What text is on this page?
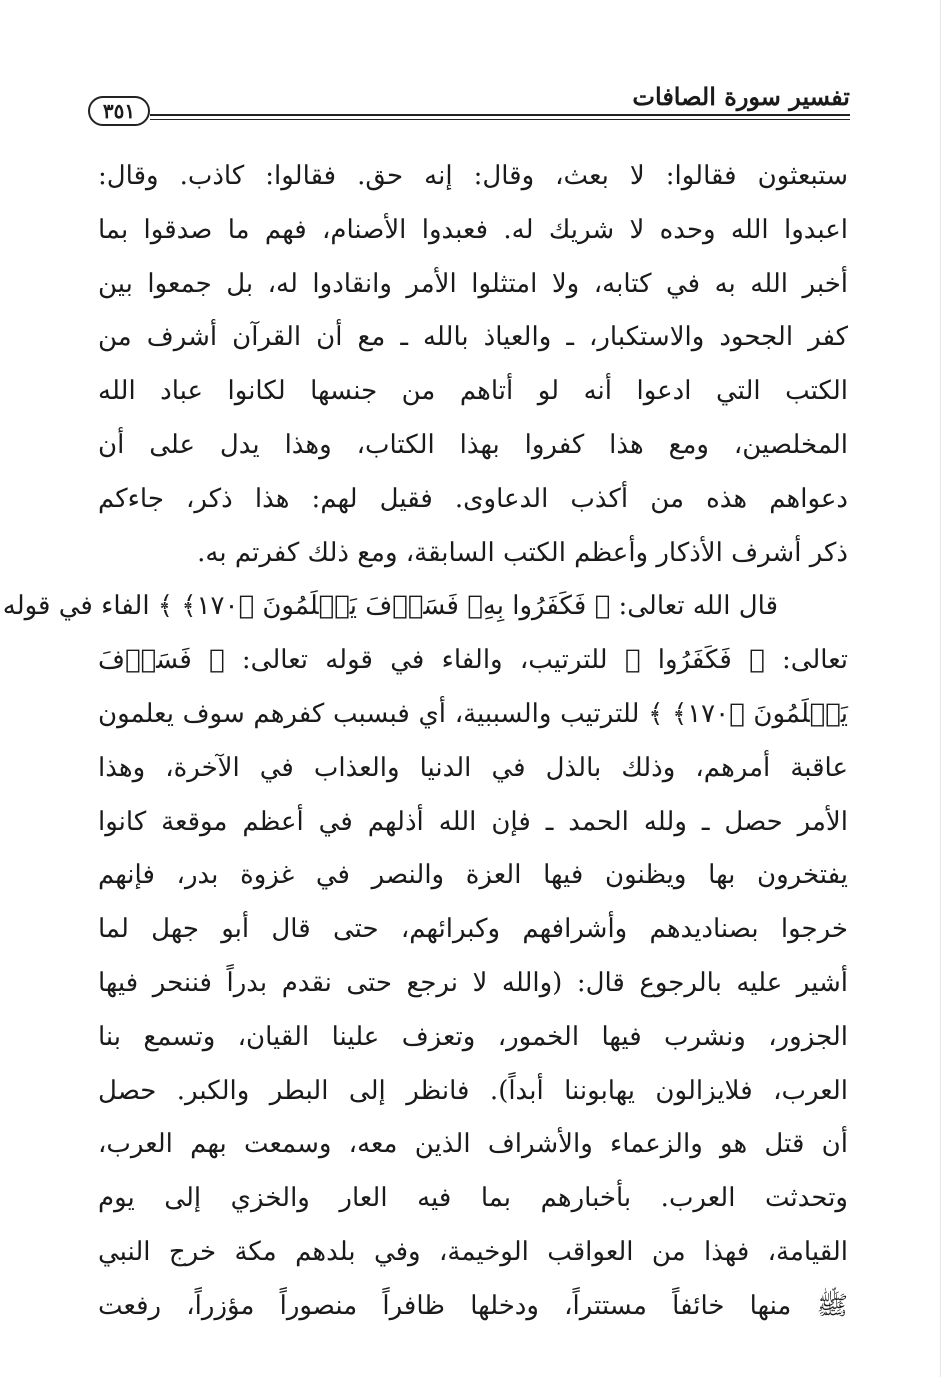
تفسير سورة الصافات
٣٥١
ستبعثون فقالوا: لا بعث، وقال: إنه حق. فقالوا: كاذب. وقال:
اعبدوا الله وحده لا شريك له. فعبدوا الأصنام، فهم ما صدقوا بما
أخبر الله به في كتابه، ولا امتثلوا الأمر وانقادوا له، بل جمعوا بين
كفر الجحود والاستكبار، ـ والعياذ بالله ـ مع أن القرآن أشرف من
الكتب التي ادعوا أنه لو أتاهم من جنسها لكانوا عباد الله
المخلصين، ومع هذا كفروا بهذا الكتاب، وهذا يدل على أن
دعواهم هذه من أكذب الدعاوى. فقيل لهم: هذا ذكر، جاءكم
ذكر أشرف الأذكار وأعظم الكتب السابقة، ومع ذلك كفرتم به.
قال الله تعالى: ﴿ فَكَفَرُوا بِهِۦ فَسَوۡفَ يَعۡلَمُونَ ﴿١٧٠﴾ ﴾ الفاء في قوله
تعالى: ﴿ فَكَفَرُوا ﴾ للترتيب، والفاء في قوله تعالى: ﴿ فَسَوۡفَ
يَعۡلَمُونَ ﴿١٧٠﴾ ﴾ للترتيب والسببية، أي فبسبب كفرهم سوف يعلمون
عاقبة أمرهم، وذلك بالذل في الدنيا والعذاب في الآخرة، وهذا
الأمر حصل ـ ولله الحمد ـ فإن الله أذلهم في أعظم موقعة كانوا
يفتخرون بها ويظنون فيها العزة والنصر في غزوة بدر، فإنهم
خرجوا بصناديدهم وأشرافهم وكبرائهم، حتى قال أبو جهل لما
أشير عليه بالرجوع قال: (والله لا نرجع حتى نقدم بدراً فننحر فيها
الجزور، ونشرب فيها الخمور، وتعزف علينا القيان، وتسمع بنا
العرب، فلايزالون يهابوننا أبداً). فانظر إلى البطر والكبر. حصل
أن قتل هو والزعماء والأشراف الذين معه، وسمعت بهم العرب،
وتحدثت العرب. بأخبارهم بما فيه العار والخزي إلى يوم
القيامة، فهذا من العواقب الوخيمة، وفي بلدهم مكة خرج النبي
ﷺ منها خائفاً مستتراً، ودخلها ظافراً منصوراً مؤزراً، رفعت
